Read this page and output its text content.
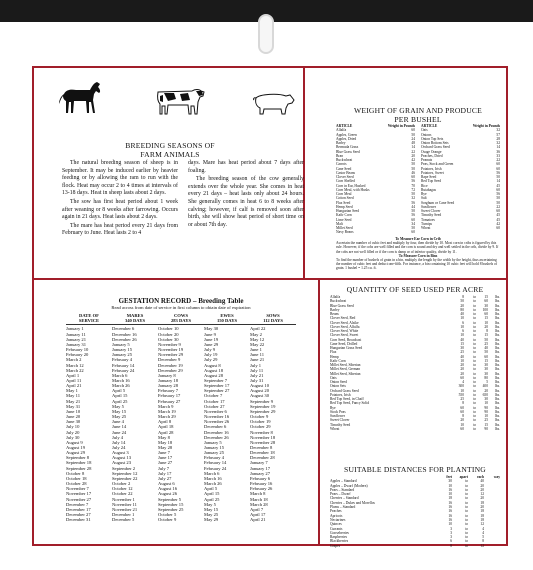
BREEDING SEASONS OF
FARM ANIMALS

The natural breeding season of sheep is in September. It may be induced earlier by heavier feeding or by allowing the ram to run with the flock. Heat may occur 2 to 4 times at intervals of 13-18 days. Heat in sheep lasts about 2 days.

The sow has first heat period about 1 week after weaning or 8 weeks after farrowing. Occurs again in 21 days. Heat lasts about 2 days.

The mare has heat period every 21 days from February to June. Heat lasts 2 to 4

days. Mare has heat period about 7 days after foaling.

The breeding season of the cow generally extends over the whole year. She comes in heat every 21 days – heat lasts only about 24 hours. She generally comes in heat 6 to 8 weeks after calving; however, if calf is removed soon after birth, she will show heat period of short time on or about 7th day.

WEIGHT OF GRAIN AND PRODUCE
PER BUSHEL
ARTICLE	Weight in Pounds
Alfalfa	60
Apples, Green	50
Apples, Dried	24
Barley	48
Bermuda Grass	14
Blue Grass Seed	22
Bran	20
Buckwheat	42
Carrots	50
Cane Seed	50
Castor Beans	46
Clover Seed	60
Corn Shelled	56
Corn in Ear, Husked	70
Corn Meal, with Husks	72
Corn Meal	50
Cotton Seed	32
Flax Seed	56
Hemp Seed	44
Hungarian Seed	50
Kafir Corn	56
Lime Seed	60
Malt	34
Millet Seed	50
Navy Beans	60
ARTICLE	Weight in Pounds
Oats	32
Onions	57
Onion Top Sets	28
Onion Bottom Sets	32
Orchard Grass Seed	14
Osage Orange	36
Peaches, Dried	33
Peanuts	22
Peas, Stock and Green	60
Potatoes, Irish	60
Potatoes, Sweet	56
Rape Seed	50
Red Top Seed	14
Rice	45
Rutabagas	60
Rye	56
Salt	50
Sorghum or Cane Seed	50
Sunflower	22
Sweet Clover	60
Timothy Seed	45
Tomatoes	45
Turnips	42
Wheat	60
To Measure Ear Corn in Crib
Ascertain the number of cubic feet and multiply by four, then divide by 10. Most corn in cribs is figured by this rule. However, if the cobs are well filled and the corn is sound and dry and well settled in the crib, divide by 9. If the cobs are not well filled or if the corn is damp or of inferior quality, divide by 11.
To Measure Corn in Bins
To find the number of bushels of grain in a bin, multiply the length by the width by the height, thus ascertaining the number of cubic feet and deduct one-fifth. For instance, a bin containing 10 cubic feet will hold 8 bushels of grain. 1 bushel = 1.25 cu. ft.
GESTATION RECORD – Breeding Table
Read across from date of service in first column to obtain date of expiration
DATE OF
SERVICE
MARES
340 DAYS
COWS
283 DAYS
EWES
150 DAYS
SOWS
112 DAYS
January 1	December 6	October 10	May 30	April 22
January 11	December 16	October 20	June 9	May 2
January 21	December 26	October 30	June 19	May 12
January 31	January 5	November 9	June 29	May 22
February 10	January 15	November 19	July 9	June 1
February 20	January 25	November 29	July 19	June 11
March 2	February 4	December 9	July 29	June 21
March 12	February 14	December 19	August 8	July 1
March 22	February 24	December 29	August 18	July 11
April 1	March 6	January 8	August 28	July 21
April 11	March 16	January 18	September 7	July 31
April 21	March 26	January 28	September 17	August 10
May 1	April 5	February 7	September 27	August 20
May 11	April 15	February 17	October 7	August 30
May 21	April 25	February 27	October 17	September 9
May 31	May 5	March 9	October 27	September 19
June 10	May 15	March 19	November 6	September 29
June 20	May 25	March 29	November 16	October 9
June 30	June 4	April 8	November 26	October 19
July 10	June 14	April 18	December 6	October 29
July 20	June 24	April 28	December 16	November 8
July 30	July 4	May 8	December 26	November 18
August 9	July 14	May 18	January 5	November 28
August 19	July 24	May 28	January 15	December 8
August 29	August 3	June 7	January 25	December 18
September 8	August 13	June 17	February 4	December 28
September 18	August 23	June 27	February 14	January 7
September 28	September 2	July 7	February 24	January 17
October 8	September 12	July 17	March 6	January 27
October 18	September 22	July 27	March 16	February 6
October 28	October 2	August 6	March 26	February 16
November 7	October 12	August 16	April 5	February 26
November 17	October 22	August 26	April 15	March 8
November 27	November 1	September 5	April 25	March 18
December 7	November 11	September 15	May 5	March 28
December 17	November 21	September 25	May 15	April 7
December 27	December 1	October 5	May 25	April 17
December 31	December 5	October 9	May 29	April 21
QUANTITY OF SEED USED PER ACRE
Alfalfa	8	to	15	lbs.
Buckwheat	50	to	60	lbs.
Blue Grass Seed	20	to	30	lbs.
Barley	80	to	100	lbs.
Beans	40	to	60	lbs.
Clover Seed, Red	10	to	15	lbs.
Clover Seed, Alsike	6	to	10	lbs.
Clover Seed, Alfalfa	10	to	20	lbs.
Clover Seed, White	6	to	8	lbs.
Clover Seed, Sweet	10	to	15	lbs.
Corn Seed, Broadcast	40	to	50	lbs.
Cane Seed, Drilled	15	to	25	lbs.
Hungarian Grass Seed	30	to	40	lbs.
Flax	25	to	50	lbs.
Hemp	40	to	60	lbs.
Kafir Corn	10	to	15	lbs.
Millet Seed, Siberian	20	to	30	lbs.
Millet Seed, German	20	to	30	lbs.
Millet Seed, Siberian	20	to	30	lbs.
Oats	60	to	80	lbs.
Onion Seed	4	to	5	lbs.
Onion Sets	300	to	400	lbs.
Orchard Grass Seed	10	to	20	lbs.
Potatoes, Irish	550	to	650	lbs.
Red Top Seed, in Chaff	25	to	30	lbs.
Red Top Seed, Fancy Solid	8	to	10	lbs.
Rye	60	to	90	lbs.
Stock Peas	60	to	90	lbs.
Sunflower	8	to	10	lbs.
Sweet Clover	20	to	25	lbs.
Timothy Seed	10	to	15	lbs.
Wheat	60	to	90	lbs.
SUITABLE DISTANCES FOR PLANTING
feet	apart	each	way
Apples – Standard	30	to	40
Apples – Dwarf (Modern)	10	to	20
Pears – Standard	16	to	20
Pears – Dwarf	10	to	12
Cherries – Standard	18	to	20
Cherries – Dukes and Morellos	16	to	18
Plums – Standard	16	to	20
Peaches	16	to	18
Apricots	16	to	18
Nectarines	16	to	18
Quinces	10	to	12
Currants	3	to	4
Gooseberries	3	to	4
Raspberries	3	to	5
Blackberries	6	to	8
Grapes	8	to	12
